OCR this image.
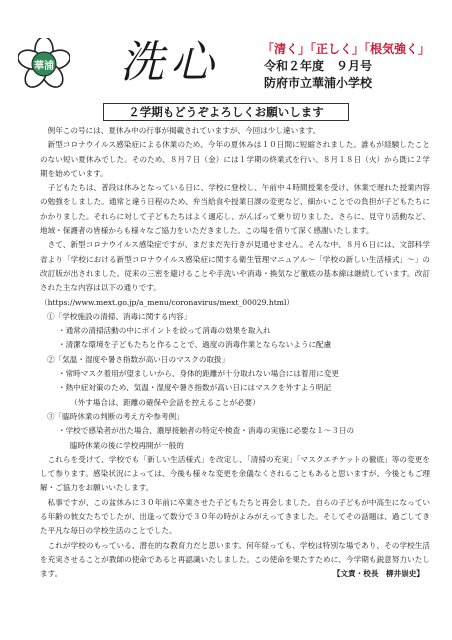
華浦 洗心	「清く」「正しく」「根気強く」
令和２年度　９月号
防府市立華浦小学校
２学期もどうぞよろしくお願いします

例年この号には、夏休み中の行事が掲載されていますが、今回は少し違います。

新型コロナウイルス感染症による休業のため、今年の夏休みは１０日間に短縮されました。誰もが経験したことのない短い夏休みでした。そのため、８月７日（金）には１学期の終業式を行い、８月１８日（火）から既に２学期を始めています。

子どもたちは、普段は休みとなっている日に、学校に登校し、午前中４時間授業を受け、休業で遅れた授業内容の勉強をしました。通常と違う日程のため、弁当給食や授業日課の変更など、細かいことでの負担が子どもたちにかかりました。それらに対して子どもたちはよく適応し、がんばって乗り切りました。さらに、見守り活動など、地域・保護者の皆様からも様々なご協力をいただきました。この場を借りて深く感謝いたします。

さて、新型コロナウイルス感染症ですが、まだまだ先行きが見通せません。そんな中、８月６日には、文部科学省より「学校における新型コロナウイルス感染症に関する衛生管理マニュアル～「学校の新しい生活様式」～」の改訂版が出されました。従来の三密を避けることや手洗いや消毒・換気など徹底の基本線は継続しています。改訂された主な内容は以下の通りです。

（https://www.mext.go.jp/a_menu/coronavirus/mext_00029.html）

①「学校施設の清掃、消毒に関する内容」

・通常の清掃活動の中にポイントを絞って消毒の効果を取入れ

・清潔な環境を子どもたちと作ることで、過度の消毒作業とならないように配慮

②「気温・湿度や暑さ指数が高い日のマスクの取扱」

・常時マスク着用が望ましいから、身体的距離が十分取れない場合には着用に変更

・熱中症対策のため、気温・湿度や暑さ指数が高い日にはマスクを外すよう明記

（外す場合は、距離の確保や会話を控えることが必要）

③「臨時休業の判断の考え方や参考例」

・学校で感染者が出た場合、濃厚接触者の特定や検査・消毒の実施に必要な１～３日の

臨時休業の後に学校再開が一般的

これらを受けて、学校でも「新しい生活様式」を改定し、「清掃の充実」「マスクエチケットの徹底」等の変更をして参ります。感染状況によっては、今後も様々な変更を余儀なくされることもあると思いますが、今後ともご理解・ご協力をお願いいたします。

私事ですが、この盆休みに３０年前に卒業させた子どもたちと再会しました。自らの子どもが中高生になっている年齢の彼女たちでしたが、出逢って数分で３０年の時がよみがえってきました。そしてその話題は、過ごしてきた平凡な毎日の学校生活のことでした。

これが学校のもっている、潜在的な教育力だと思います。何年経っても、学校は特別な場であり、その学校生活を充実させることが教師の使命であると再認識いたしました。この使命を果たすために、今学期も鋭意努力いたします。	【文責・校長　柳井崇史】
